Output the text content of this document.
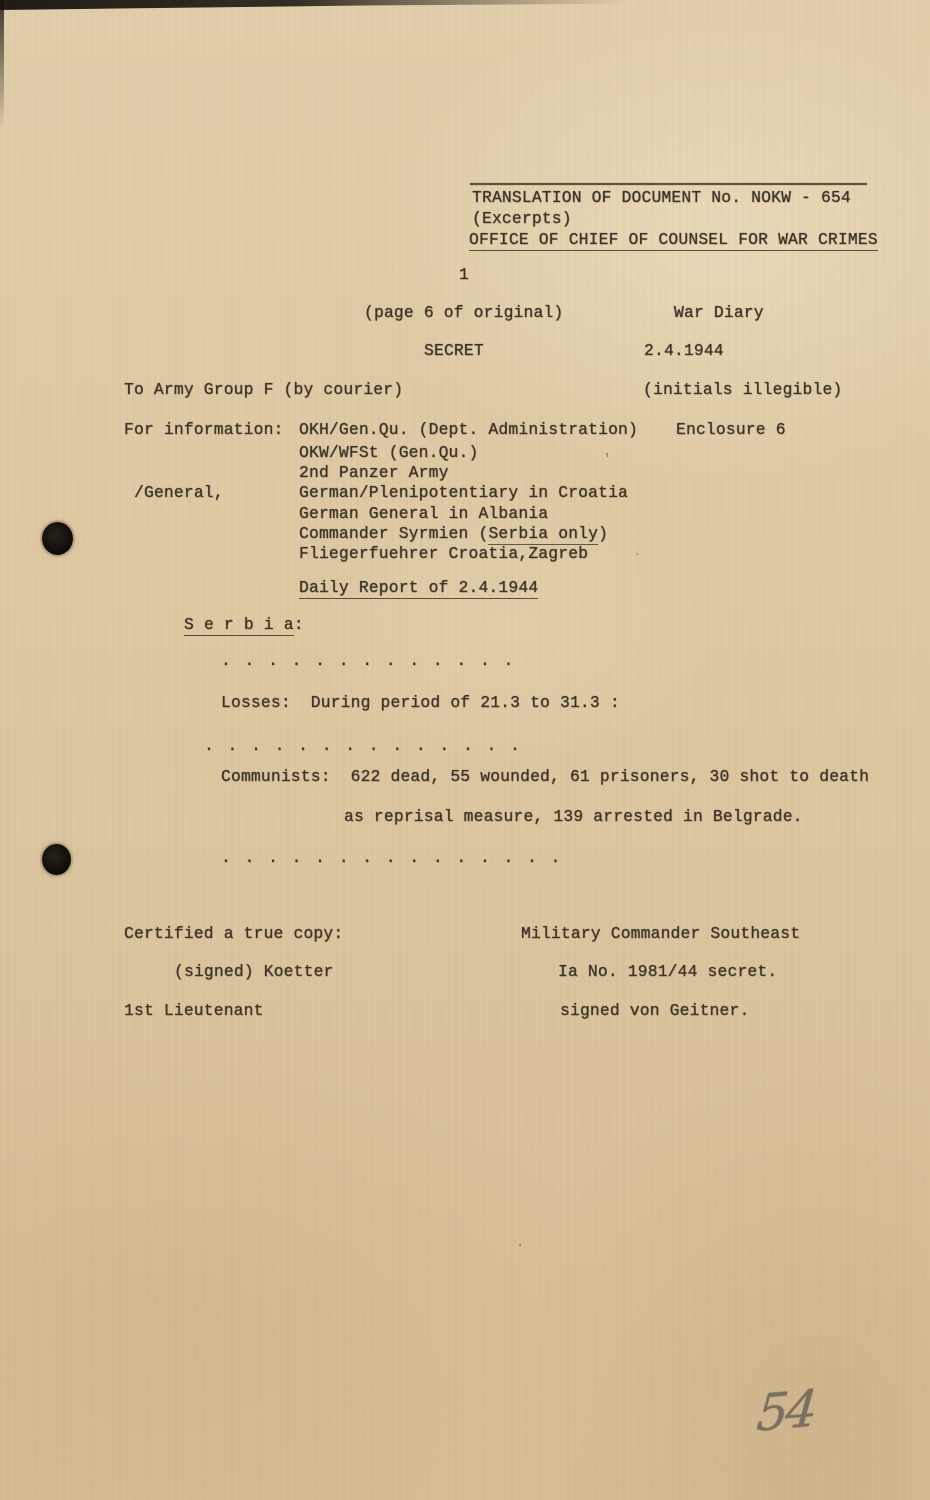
TRANSLATION OF DOCUMENT No. NOKW - 654
(Excerpts)
OFFICE OF CHIEF OF COUNSEL FOR WAR CRIMES
1
(page 6 of original)	War Diary
SECRET	2.4.1944
To Army Group F (by courier)	(initials illegible)
For information: OKH/Gen.Qu. (Dept. Administration) Enclosure 6
OKW/WFSt (Gen.Qu.)
2nd Panzer Army
/General,	German/Plenipotentiary in Croatia
German General in Albania
Commander Syrmien (Serbia only)
Fliegerfuehrer Croatia,Zagreb
Daily Report of 2.4.1944
S e r b i a:
. . . . . . . . . . . . .
Losses:  During period of 21.3 to 31.3 :
. . . . . . . . . . . . . .
Communists:  622 dead, 55 wounded, 61 prisoners, 30 shot to death
as reprisal measure, 139 arrested in Belgrade.
. . . . . . . . . . . . . . .
Certified a true copy:	Military Commander Southeast
(signed) Koetter	Ia No. 1981/44 secret.
1st Lieutenant	signed von Geitner.
'
`
.
54
